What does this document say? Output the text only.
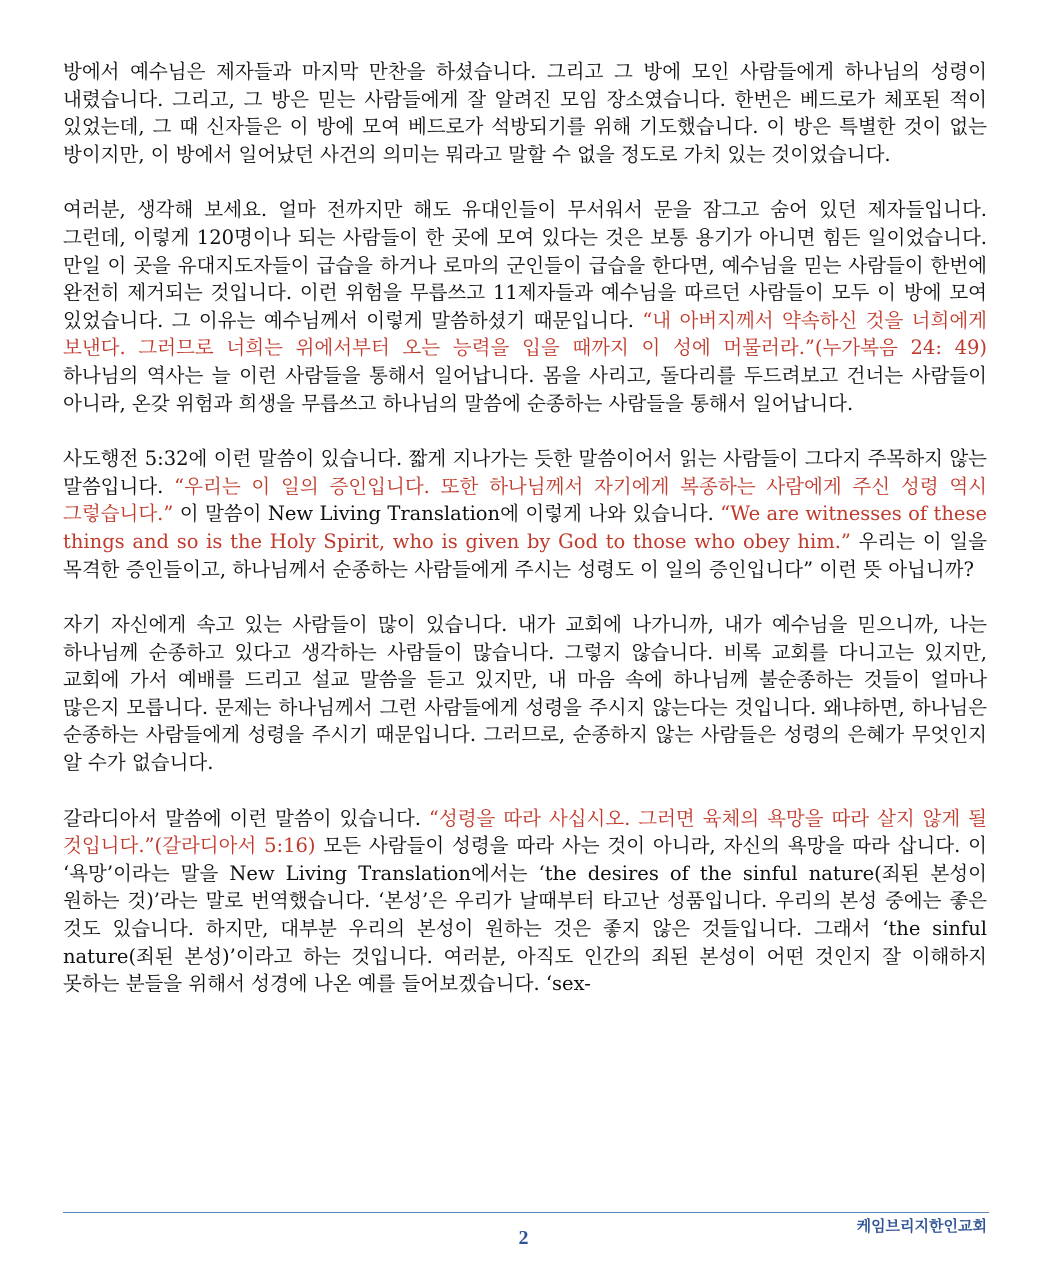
방에서 예수님은 제자들과 마지막 만찬을 하셨습니다. 그리고 그 방에 모인 사람들에게 하나님의 성령이 내렸습니다. 그리고, 그 방은 믿는 사람들에게 잘 알려진 모임 장소였습니다. 한번은 베드로가 체포된 적이 있었는데, 그 때 신자들은 이 방에 모여 베드로가 석방되기를 위해 기도했습니다. 이 방은 특별한 것이 없는 방이지만, 이 방에서 일어났던 사건의 의미는 뭐라고 말할 수 없을 정도로 가치 있는 것이었습니다.

여러분, 생각해 보세요. 얼마 전까지만 해도 유대인들이 무서워서 문을 잠그고 숨어 있던 제자들입니다. 그런데, 이렇게 120명이나 되는 사람들이 한 곳에 모여 있다는 것은 보통 용기가 아니면 힘든 일이었습니다. 만일 이 곳을 유대지도자들이 급습을 하거나 로마의 군인들이 급습을 한다면, 예수님을 믿는 사람들이 한번에 완전히 제거되는 것입니다. 이런 위험을 무릅쓰고 11제자들과 예수님을 따르던 사람들이 모두 이 방에 모여 있었습니다. 그 이유는 예수님께서 이렇게 말씀하셨기 때문입니다. “내 아버지께서 약속하신 것을 너희에게 보낸다. 그러므로 너희는 위에서부터 오는 능력을 입을 때까지 이 성에 머물러라.”(누가복음 24: 49) 하나님의 역사는 늘 이런 사람들을 통해서 일어납니다. 몸을 사리고, 돌다리를 두드려보고 건너는 사람들이 아니라, 온갖 위험과 희생을 무릅쓰고 하나님의 말씀에 순종하는 사람들을 통해서 일어납니다.

사도행전 5:32에 이런 말씀이 있습니다. 짧게 지나가는 듯한 말씀이어서 읽는 사람들이 그다지 주목하지 않는 말씀입니다. “우리는 이 일의 증인입니다. 또한 하나님께서 자기에게 복종하는 사람에게 주신 성령 역시 그렇습니다.” 이 말씀이 New Living Translation에 이렇게 나와 있습니다. “We are witnesses of these things and so is the Holy Spirit, who is given by God to those who obey him.” 우리는 이 일을 목격한 증인들이고, 하나님께서 순종하는 사람들에게 주시는 성령도 이 일의 증인입니다” 이런 뜻 아닙니까?

자기 자신에게 속고 있는 사람들이 많이 있습니다. 내가 교회에 나가니까, 내가 예수님을 믿으니까, 나는 하나님께 순종하고 있다고 생각하는 사람들이 많습니다. 그렇지 않습니다. 비록 교회를 다니고는 있지만, 교회에 가서 예배를 드리고 설교 말씀을 듣고 있지만, 내 마음 속에 하나님께 불순종하는 것들이 얼마나 많은지 모릅니다. 문제는 하나님께서 그런 사람들에게 성령을 주시지 않는다는 것입니다. 왜냐하면, 하나님은 순종하는 사람들에게 성령을 주시기 때문입니다. 그러므로, 순종하지 않는 사람들은 성령의 은혜가 무엇인지 알 수가 없습니다.

갈라디아서 말씀에 이런 말씀이 있습니다. “성령을 따라 사십시오. 그러면 육체의 욕망을 따라 살지 않게 될 것입니다.”(갈라디아서 5:16) 모든 사람들이 성령을 따라 사는 것이 아니라, 자신의 욕망을 따라 삽니다. 이 ‘욕망’이라는 말을 New Living Translation에서는 ‘the desires of the sinful nature(죄된 본성이 원하는 것)’라는 말로 번역했습니다. ‘본성’은 우리가 날때부터 타고난 성품입니다. 우리의 본성 중에는 좋은 것도 있습니다. 하지만, 대부분 우리의 본성이 원하는 것은 좋지 않은 것들입니다. 그래서 ‘the sinful nature(죄된 본성)’이라고 하는 것입니다. 여러분, 아직도 인간의 죄된 본성이 어떤 것인지 잘 이해하지 못하는 분들을 위해서 성경에 나온 예를 들어보겠습니다. ‘sex-

2
케임브리지한인교회
